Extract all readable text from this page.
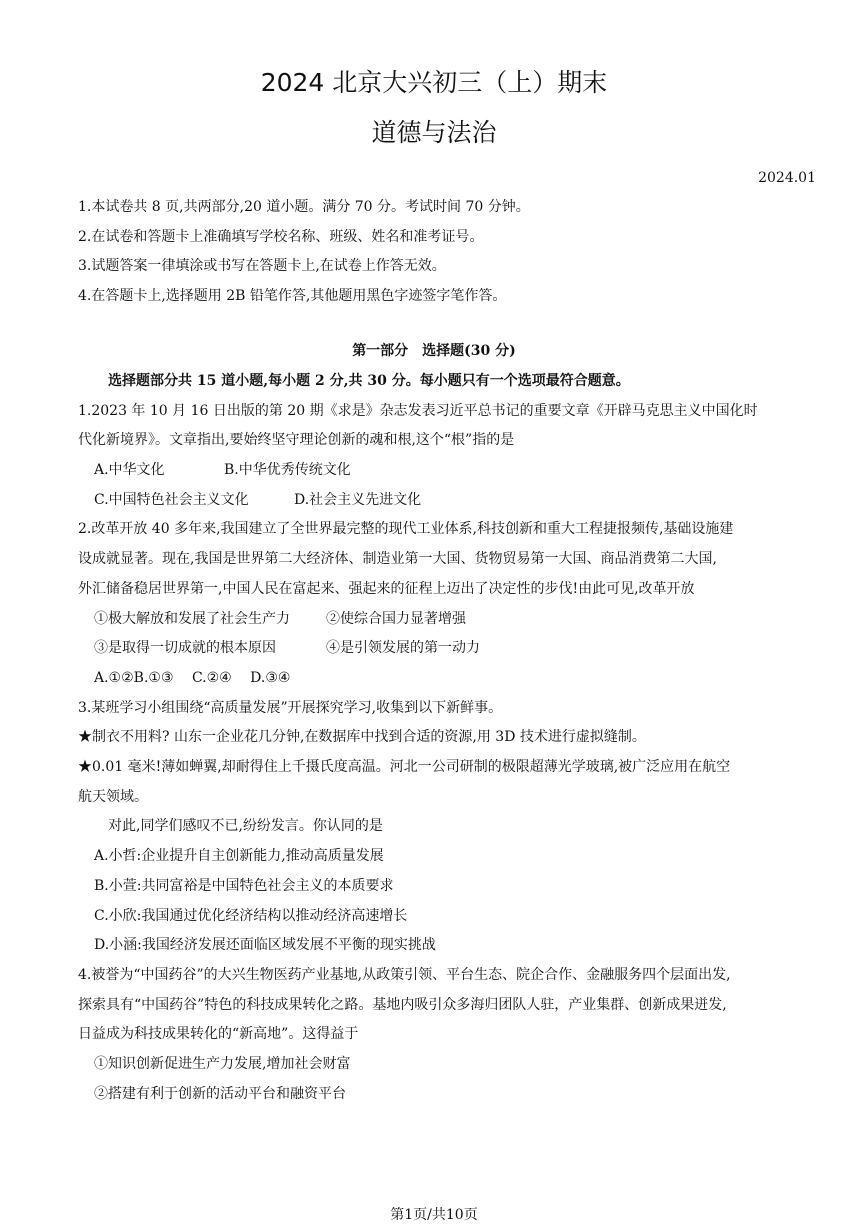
2024 北京大兴初三（上）期末
道德与法治
2024.01
1.本试卷共 8 页,共两部分,20 道小题。满分 70 分。考试时间 70 分钟。
2.在试卷和答题卡上准确填写学校名称、班级、姓名和准考证号。
3.试题答案一律填涂或书写在答题卡上,在试卷上作答无效。
4.在答题卡上,选择题用 2B 铅笔作答,其他题用黑色字迹签字笔作答。
第一部分　选择题(30 分)
选择题部分共 15 道小题,每小题 2 分,共 30 分。每小题只有一个选项最符合题意。
1.2023 年 10 月 16 日出版的第 20 期《求是》杂志发表习近平总书记的重要文章《开辟马克思主义中国化时
代化新境界》。文章指出,要始终坚守理论创新的魂和根,这个“根”指的是
A.中华文化	B.中华优秀传统文化
C.中国特色社会主义文化	D.社会主义先进文化
2.改革开放 40 多年来,我国建立了全世界最完整的现代工业体系,科技创新和重大工程捷报频传,基础设施建
设成就显著。现在,我国是世界第二大经济体、制造业第一大国、货物贸易第一大国、商品消费第二大国,
外汇储备稳居世界第一,中国人民在富起来、强起来的征程上迈出了决定性的步伐!由此可见,改革开放
①极大解放和发展了社会生产力	②使综合国力显著增强
③是取得一切成就的根本原因	④是引领发展的第一动力
A.①②B.①③　 C.②④　 D.③④
3.某班学习小组围绕“高质量发展”开展探究学习,收集到以下新鲜事。
★制衣不用料? 山东一企业花几分钟,在数据库中找到合适的资源,用 3D 技术进行虚拟缝制。
★0.01 毫米!薄如蝉翼,却耐得住上千摄氏度高温。河北一公司研制的极限超薄光学玻璃,被广泛应用在航空
航天领域。
对此,同学们感叹不已,纷纷发言。你认同的是
A.小哲:企业提升自主创新能力,推动高质量发展
B.小萱:共同富裕是中国特色社会主义的本质要求
C.小欣:我国通过优化经济结构以推动经济高速增长
D.小涵:我国经济发展还面临区域发展不平衡的现实挑战
4.被誉为“中国药谷”的大兴生物医药产业基地,从政策引领、平台生态、院企合作、金融服务四个层面出发,
探索具有“中国药谷”特色的科技成果转化之路。基地内吸引众多海归团队人驻，产业集群、创新成果迸发,
日益成为科技成果转化的“新高地”。这得益于
①知识创新促进生产力发展,增加社会财富
②搭建有利于创新的活动平台和融资平台
第1页/共10页
